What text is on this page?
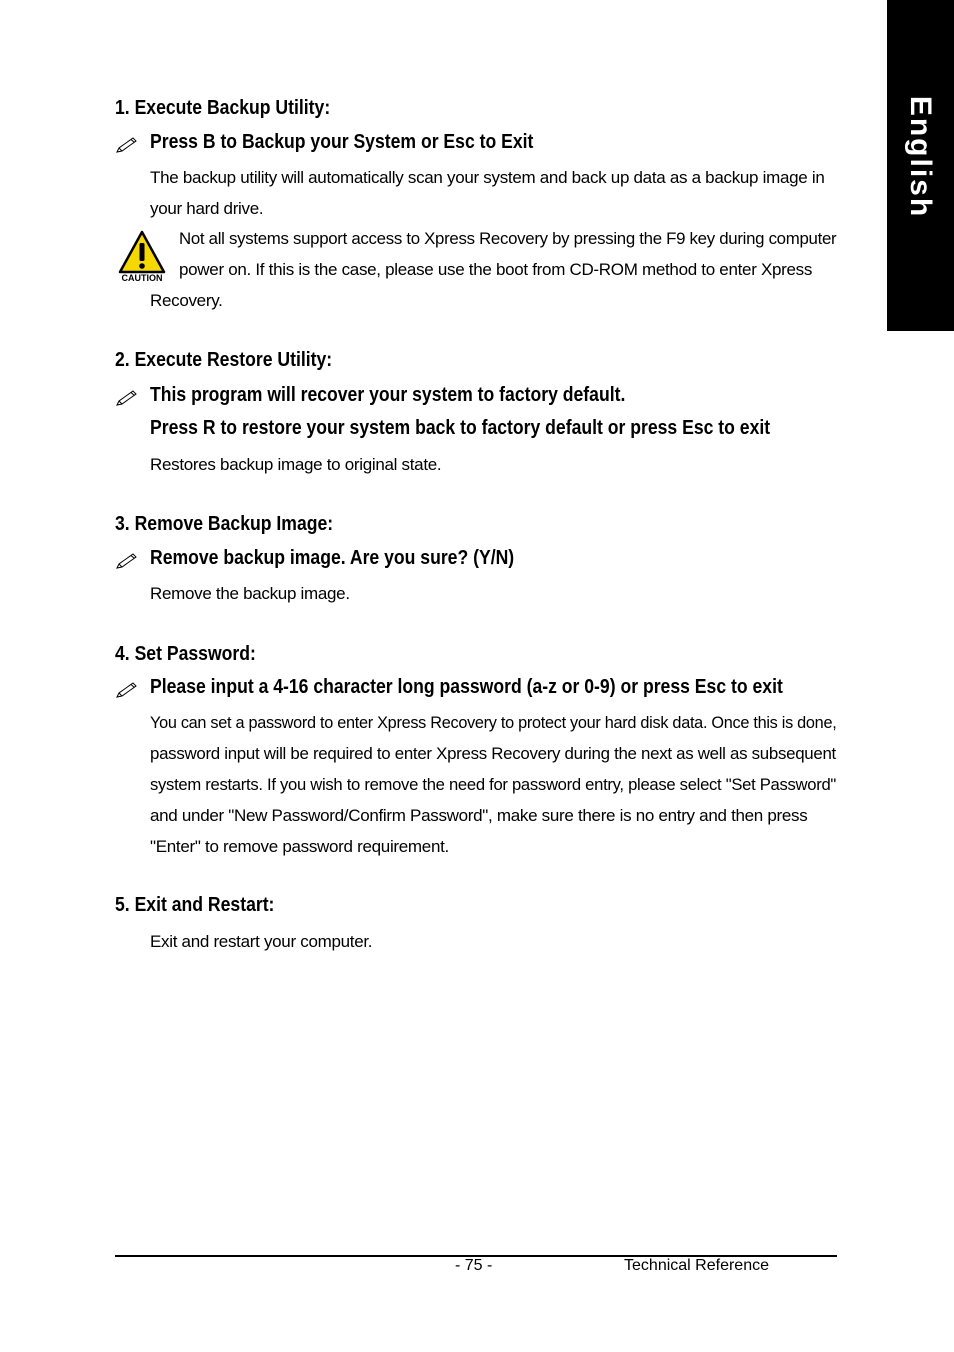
English
1. Execute Backup Utility:
Press B to Backup your System or Esc to Exit
The backup utility will automatically scan your system and back up data as a backup image in
your hard drive.
CAUTION
Not all systems support access to Xpress Recovery by pressing the F9 key during computer
power on. If this is the case, please use the boot from CD-ROM method to enter Xpress
Recovery.
2. Execute Restore Utility:
This program will recover your system to factory default.
Press R to restore your system back to factory default or press Esc to exit
Restores backup image to original state.
3. Remove Backup Image:
Remove backup image. Are you sure? (Y/N)
Remove the backup image.
4. Set Password:
Please input a 4-16 character long password (a-z or 0-9) or press Esc to exit
You can set a password to enter Xpress Recovery to protect your hard disk data. Once this is done,
password input will be required to enter Xpress Recovery during the next as well as subsequent
system restarts. If you wish to remove the need for password entry, please select "Set Password"
and under "New Password/Confirm Password", make sure there is no entry and then press
"Enter" to remove password requirement.
5. Exit and Restart:
Exit and restart your computer.
- 75 -	Technical Reference
